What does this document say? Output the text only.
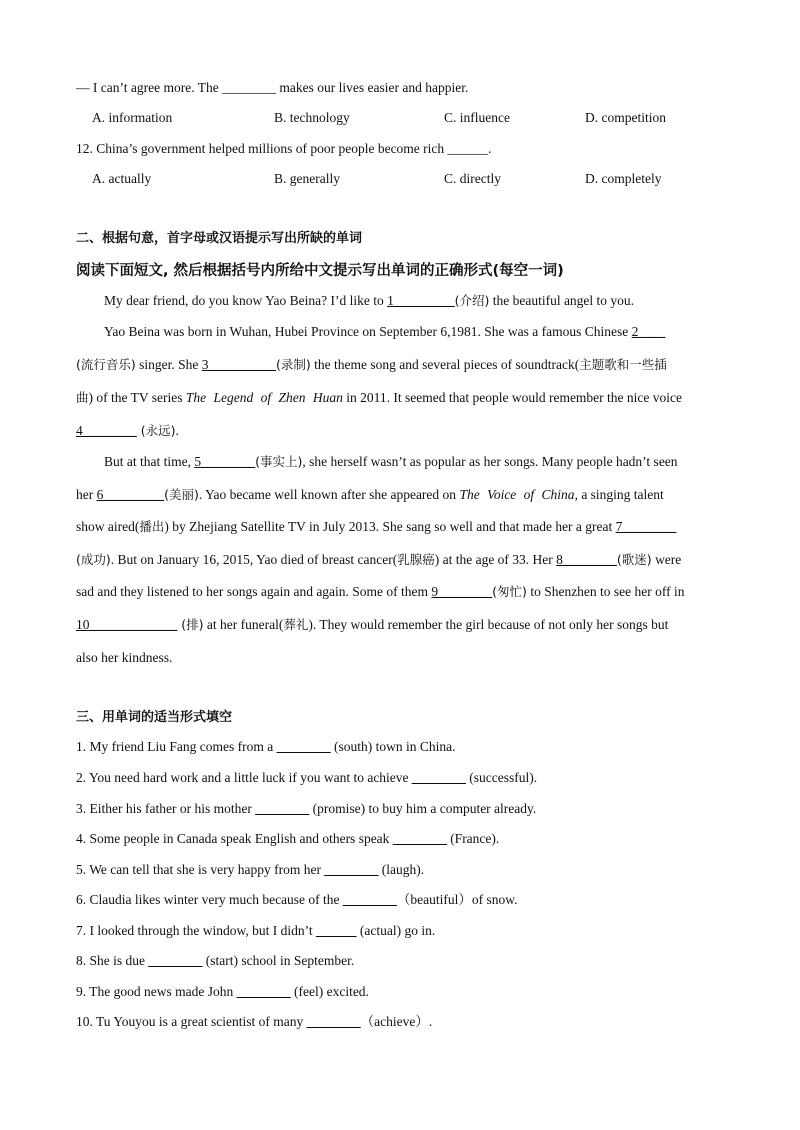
— I can’t agree more. The ________ makes our lives easier and happier.
A. information	B. technology	C. influence	D. competition
12. China’s government helped millions of poor people become rich ______.
A. actually	B. generally	C. directly	D. completely
二、根据句意，首字母或汉语提示写出所缺的单词
阅读下面短文, 然后根据括号内所给中文提示写出单词的正确形式(每空一词)
My dear friend, do you know Yao Beina? I’d like to 1_________(介绍) the beautiful angel to you.
Yao Beina was born in Wuhan, Hubei Province on September 6,1981. She was a famous Chinese 2____
(流行音乐) singer. She 3__________(录制) the theme song and several pieces of soundtrack(主题歌和一些插
曲) of the TV series The Legend of Zhen Huan in 2011. It seemed that people would remember the nice voice
4________ (永远).
But at that time, 5________(事实上), she herself wasn’t as popular as her songs. Many people hadn’t seen
her 6_________(美丽). Yao became well known after she appeared on The Voice of China, a singing talent
show aired(播出) by Zhejiang Satellite TV in July 2013. She sang so well and that made her a great 7________
(成功). But on January 16, 2015, Yao died of breast cancer(乳腺癌) at the age of 33. Her 8________(歌迷) were
sad and they listened to her songs again and again. Some of them 9________(匆忙) to Shenzhen to see her off in
10_____________ (排) at her funeral(葬礼). They would remember the girl because of not only her songs but
also her kindness.
三、用单词的适当形式填空
1. My friend Liu Fang comes from a ________ (south) town in China.
2. You need hard work and a little luck if you want to achieve ________ (successful).
3. Either his father or his mother ________ (promise) to buy him a computer already.
4. Some people in Canada speak English and others speak ________ (France).
5. We can tell that she is very happy from her ________ (laugh).
6. Claudia likes winter very much because of the ________（beautiful）of snow.
7. I looked through the window, but I didn’t ______ (actual) go in.
8. She is due ________ (start) school in September.
9. The good news made John ________ (feel) excited.
10. Tu Youyou is a great scientist of many ________（achieve）.
